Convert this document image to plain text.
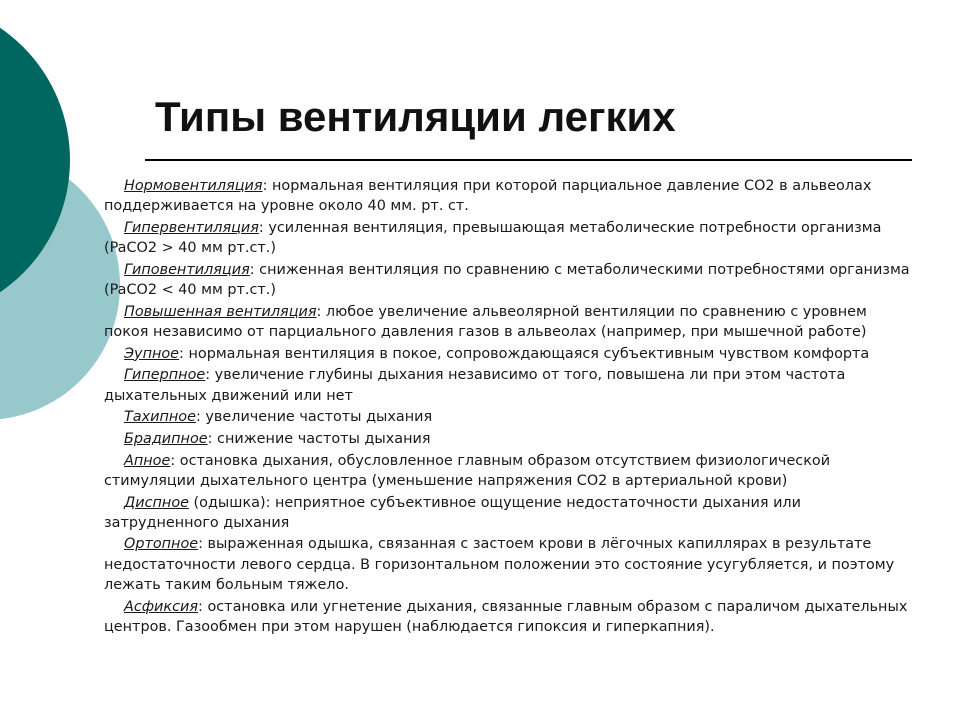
Типы вентиляции легких

Нормовентиляция: нормальная вентиляция при которой парциальное давление СО2 в альвеолах поддерживается на уровне около 40 мм. рт. ст.

Гипервентиляция: усиленная вентиляция, превышающая метаболические потребности организма (PaCO2 > 40 мм рт.ст.)

Гиповентиляция: сниженная вентиляция по сравнению с метаболическими потребностями организма (PaCO2 < 40 мм рт.ст.)

Повышенная вентиляция: любое увеличение альвеолярной вентиляции по сравнению с уровнем покоя независимо от парциального давления газов в альвеолах (например, при мышечной работе)

Эупное: нормальная вентиляция в покое, сопровождающаяся субъективным чувством комфорта

Гиперпное: увеличение глубины дыхания независимо от того, повышена ли при этом частота дыхательных движений или нет

Тахипное: увеличение частоты дыхания

Брадипное: снижение частоты дыхания

Апное: остановка дыхания, обусловленное главным образом отсутствием физиологической стимуляции дыхательного центра (уменьшение напряжения СО2 в артериальной крови)

Диспное (одышка): неприятное субъективное ощущение недостаточности дыхания или затрудненного дыхания

Ортопное: выраженная одышка, связанная с застоем крови в лёгочных капиллярах в результате недостаточности левого сердца. В горизонтальном положении это состояние усугубляется, и поэтому лежать таким больным тяжело.

Асфиксия: остановка или угнетение дыхания, связанные главным образом с параличом дыхательных центров. Газообмен при этом нарушен (наблюдается гипоксия и гиперкапния).
